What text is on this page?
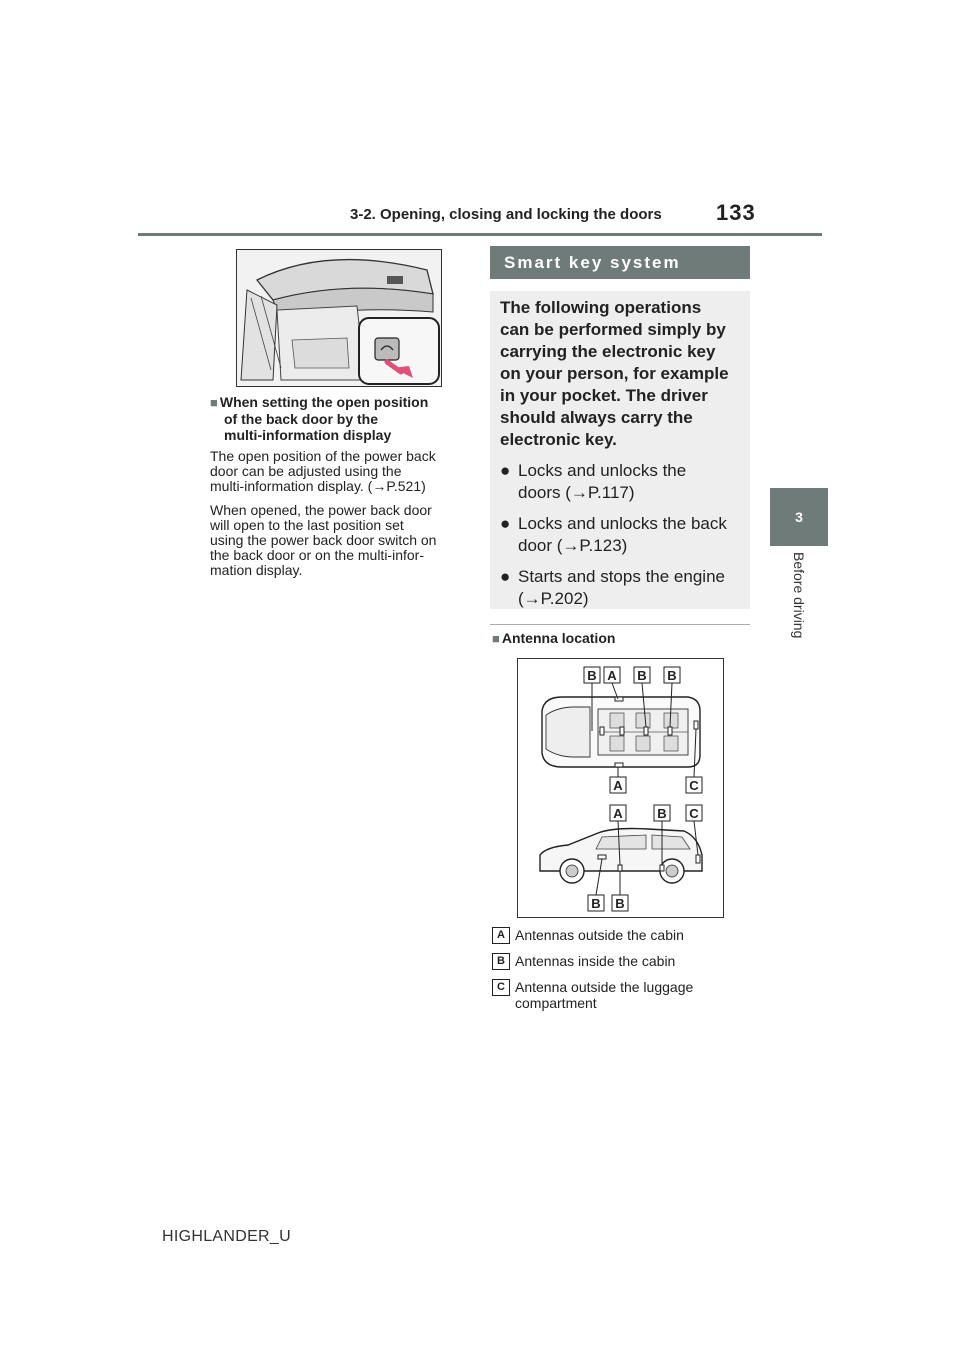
3-2. Opening, closing and locking the doors 133
3
Before driving
■ When setting the open position
of the back door by the
multi-information display
The open position of the power back
door can be adjusted using the
multi-information display. (→P.521)
When opened, the power back door
will open to the last position set
using the power back door switch on
the back door or on the multi-infor-
mation display.
Smart key system
The following operations
can be performed simply by
carrying the electronic key
on your person, for example
in your pocket. The driver
should always carry the
electronic key.
● Locks and unlocks the
doors (→P.117)
● Locks and unlocks the back
door (→P.123)
● Starts and stops the engine
(→P.202)
■ Antenna location
B A B B
A	C
A	B C
B B
A Antennas outside the cabin
B Antennas inside the cabin
C Antenna outside the luggage
compartment
HIGHLANDER_U
